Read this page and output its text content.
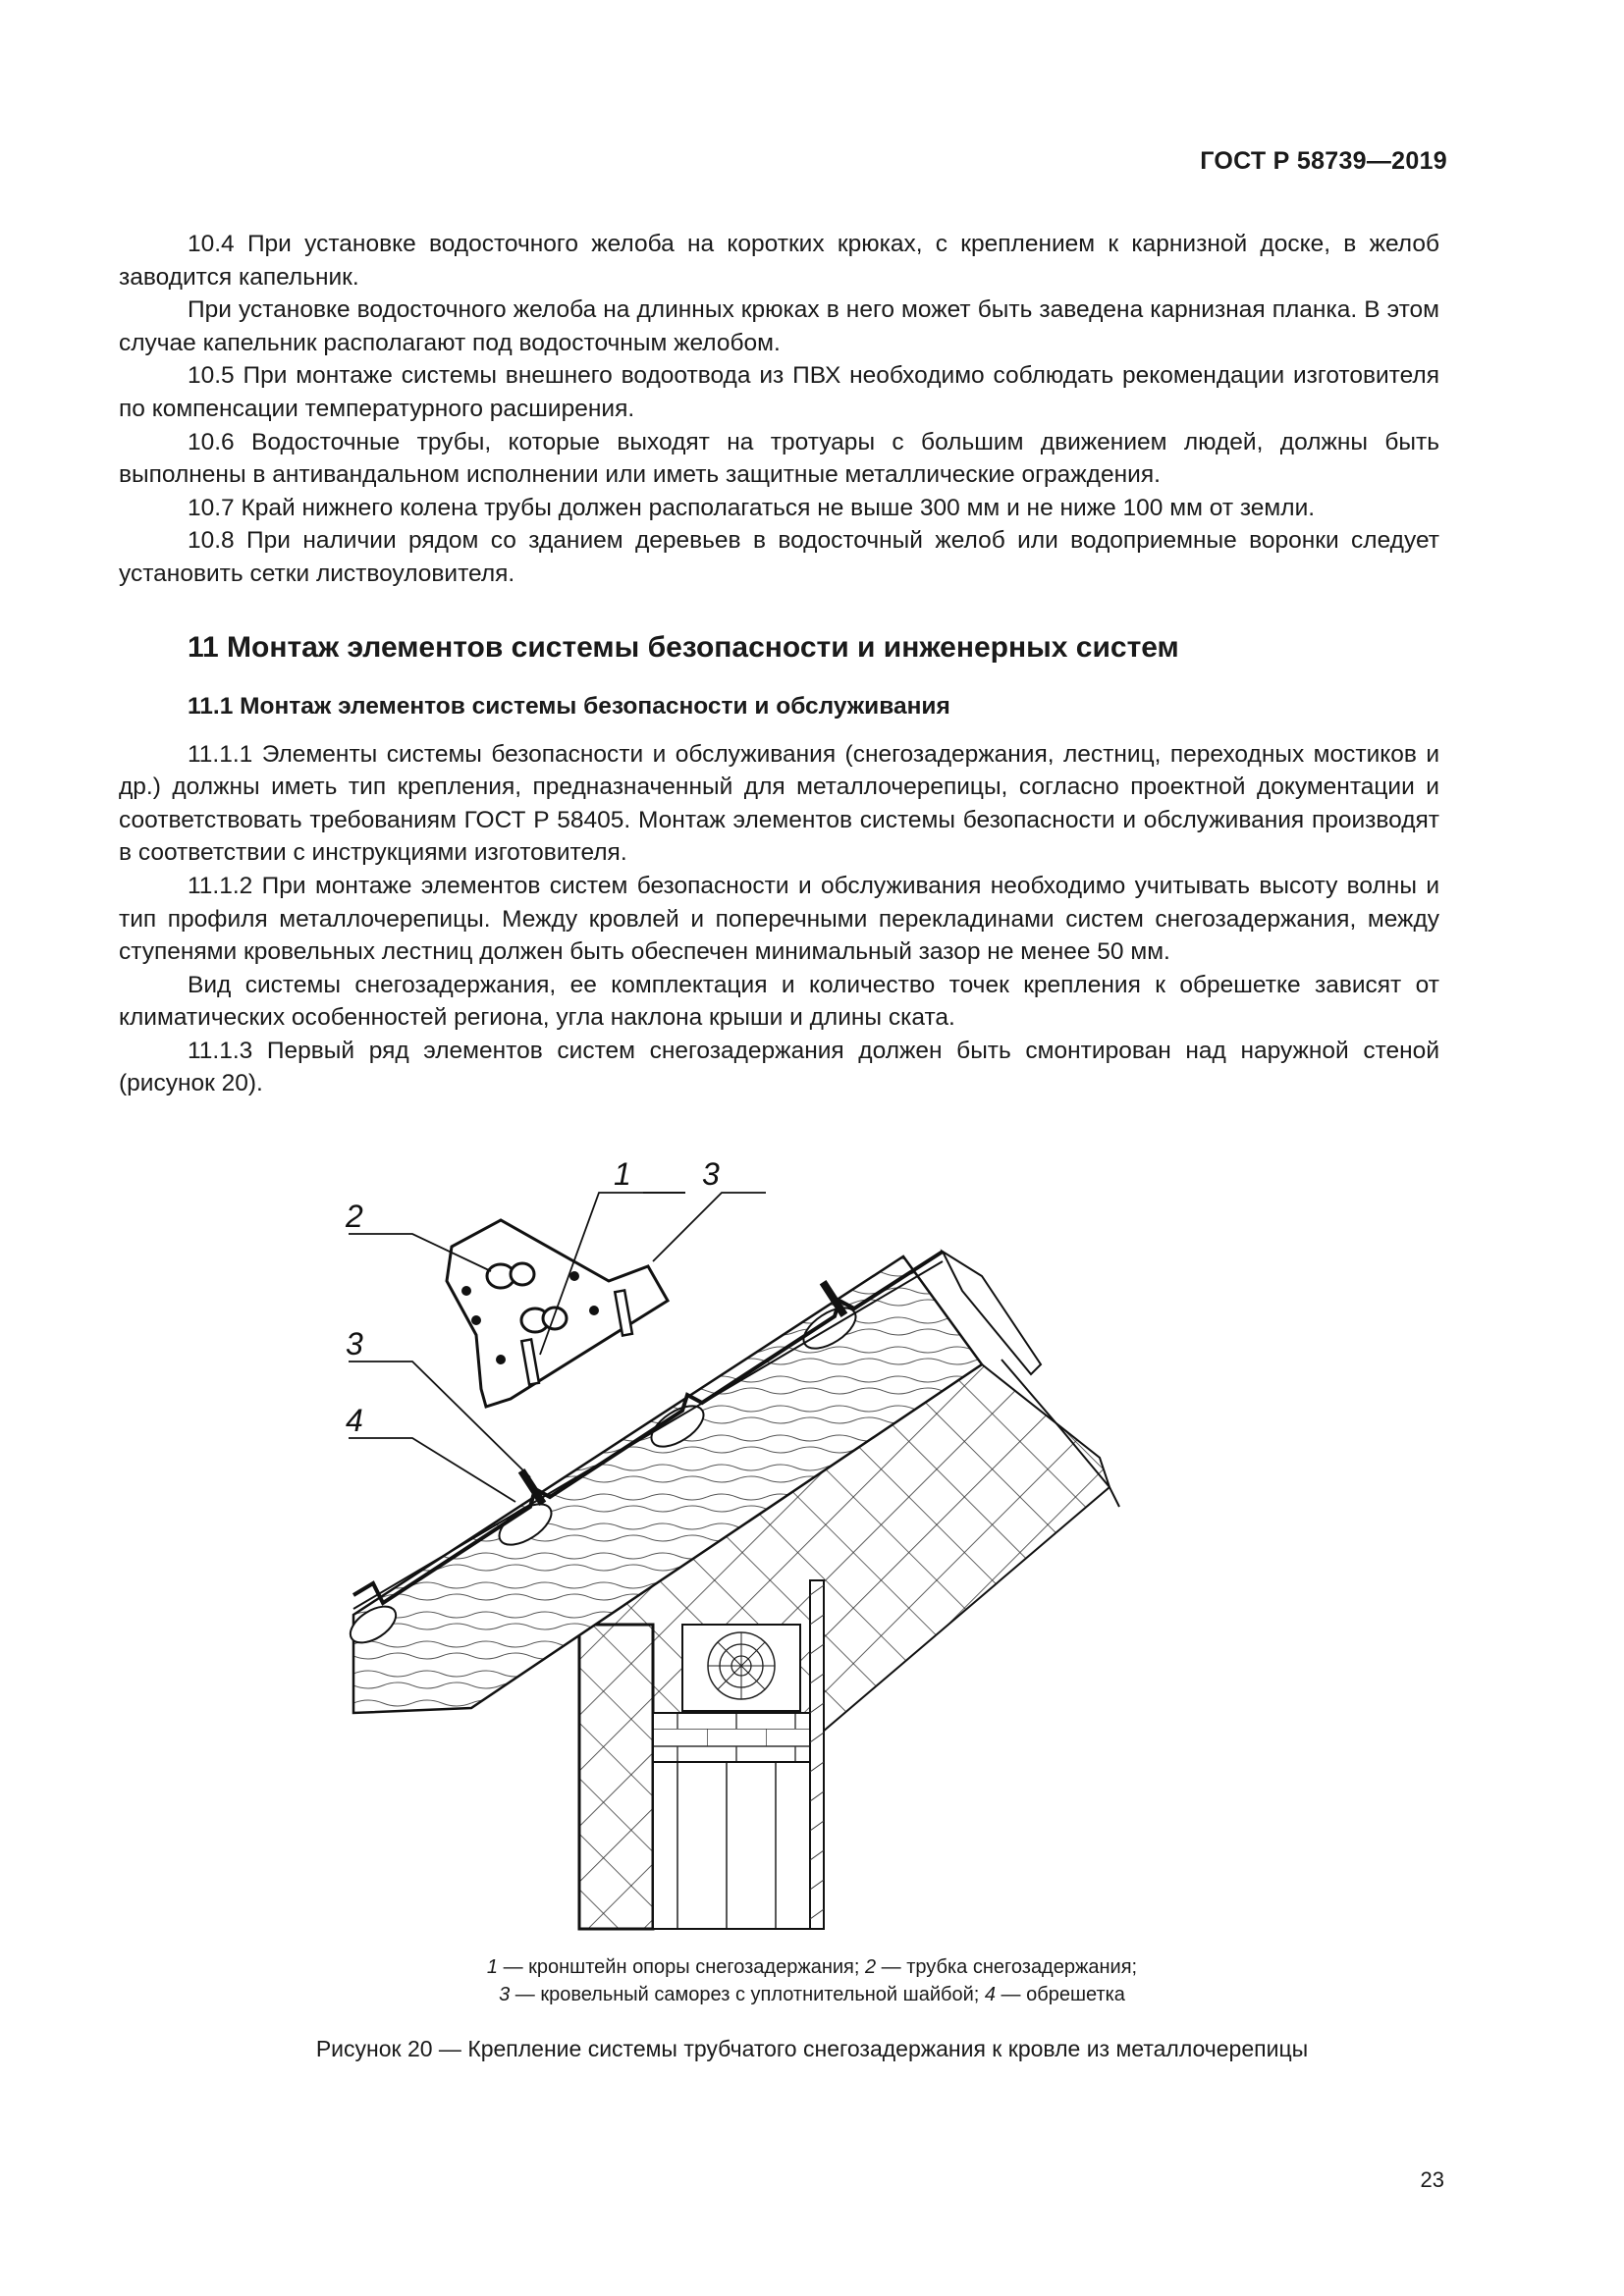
ГОСТ Р 58739—2019

10.4 При установке водосточного желоба на коротких крюках, с креплением к карнизной доске, в желоб заводится капельник.

При установке водосточного желоба на длинных крюках в него может быть заведена карнизная планка. В этом случае капельник располагают под водосточным желобом.

10.5 При монтаже системы внешнего водоотвода из ПВХ необходимо соблюдать рекомендации изготовителя по компенсации температурного расширения.

10.6 Водосточные трубы, которые выходят на тротуары с большим движением людей, должны быть выполнены в антивандальном исполнении или иметь защитные металлические ограждения.

10.7 Край нижнего колена трубы должен располагаться не выше 300 мм и не ниже 100 мм от земли.

10.8 При наличии рядом со зданием деревьев в водосточный желоб или водоприемные воронки следует установить сетки листвоуловителя.

11 Монтаж элементов системы безопасности и инженерных систем
11.1 Монтаж элементов системы безопасности и обслуживания

11.1.1 Элементы системы безопасности и обслуживания (снегозадержания, лестниц, переходных мостиков и др.) должны иметь тип крепления, предназначенный для металлочерепицы, согласно проектной документации и соответствовать требованиям ГОСТ Р 58405. Монтаж элементов системы безопасности и обслуживания производят в соответствии с инструкциями изготовителя.

11.1.2 При монтаже элементов систем безопасности и обслуживания необходимо учитывать высоту волны и тип профиля металлочерепицы. Между кровлей и поперечными перекладинами систем снегозадержания, между ступенями кровельных лестниц должен быть обеспечен минимальный зазор не менее 50 мм.

Вид системы снегозадержания, ее комплектация и количество точек крепления к обрешетке зависят от климатических особенностей региона, угла наклона крыши и длины ската.

11.1.3 Первый ряд элементов систем снегозадержания должен быть смонтирован над наружной стеной (рисунок 20).

1 3
2
3
4
1 — кронштейн опоры снегозадержания; 2 — трубка снегозадержания;
3 — кровельный саморез с уплотнительной шайбой; 4 — обрешетка
Рисунок 20 — Крепление системы трубчатого снегозадержания к кровле из металлочерепицы
23
